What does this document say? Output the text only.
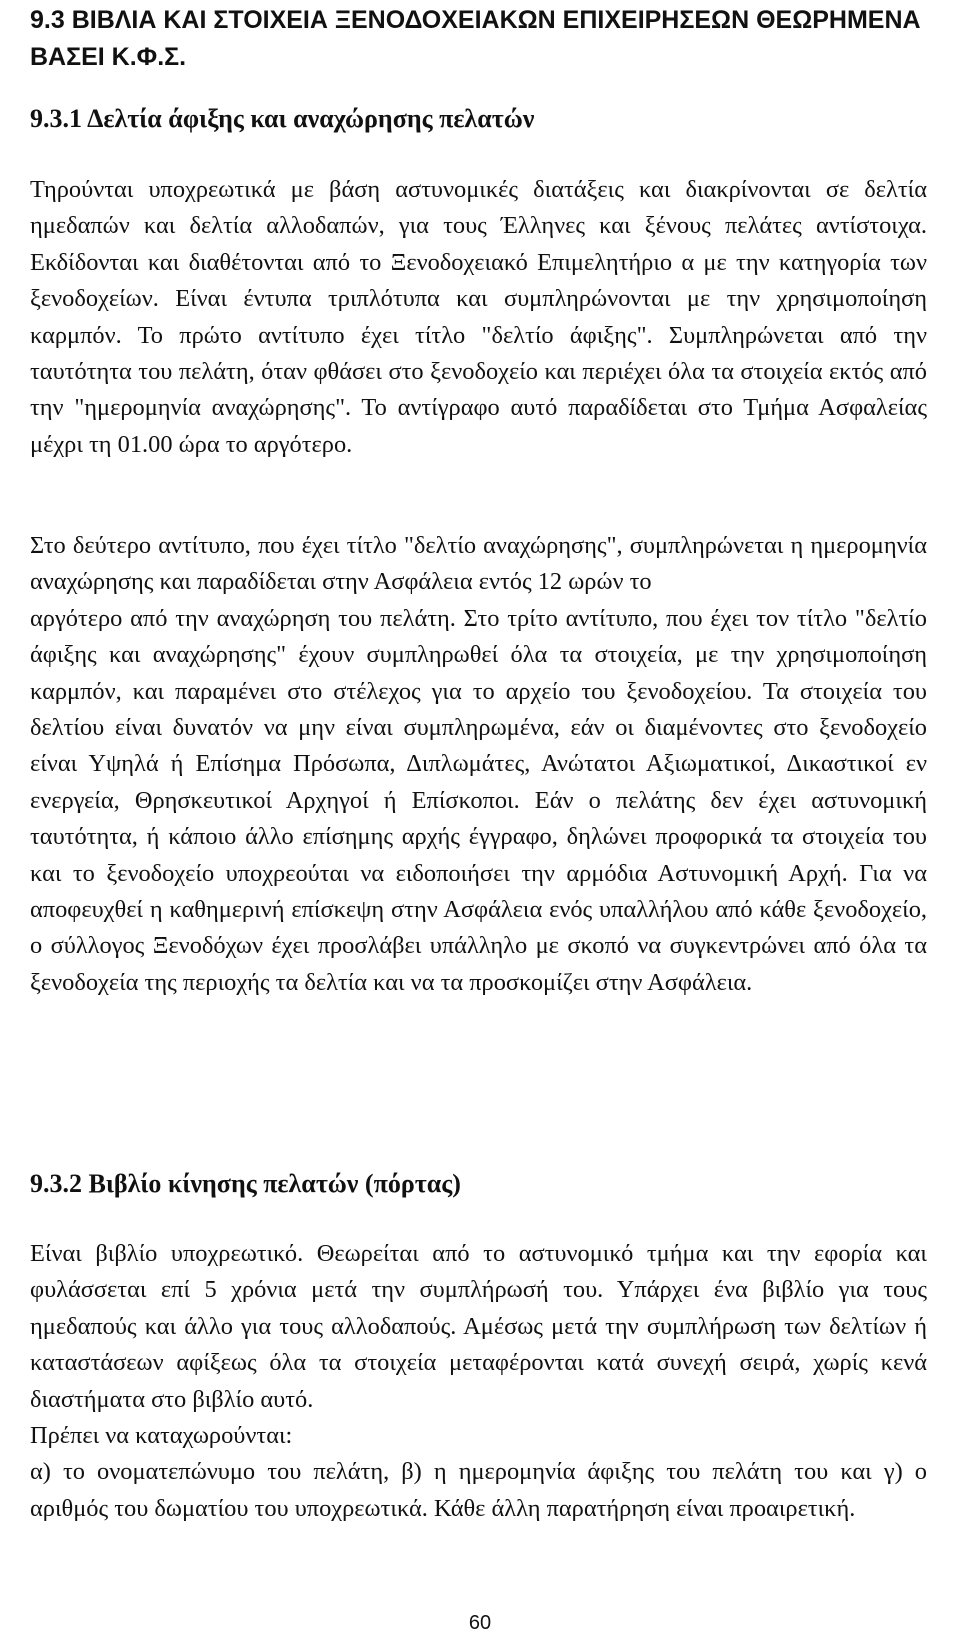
9.3 ΒΙΒΛΙΑ ΚΑΙ ΣΤΟΙΧΕΙΑ ΞΕΝΟΔΟΧΕΙΑΚΩΝ ΕΠΙΧΕΙΡΗΣΕΩΝ ΘΕΩΡΗΜΕΝΑ ΒΑΣΕΙ Κ.Φ.Σ.
9.3.1 Δελτία άφιξης και αναχώρησης πελατών

Τηρούνται υποχρεωτικά με βάση αστυνομικές διατάξεις και διακρίνονται σε δελτία ημεδαπών και δελτία αλλοδαπών, για τους Έλληνες και ξένους πελάτες αντίστοιχα. Εκδίδονται και διαθέτονται από το Ξενοδοχειακό Επιμελητήριο α με την κατηγορία των ξενοδοχείων. Είναι έντυπα τριπλότυπα και συμπληρώνονται με την χρησιμοποίηση καρμπόν. Το πρώτο αντίτυπο έχει τίτλο "δελτίο άφιξης". Συμπληρώνεται από την ταυτότητα του πελάτη, όταν φθάσει στο ξενοδοχείο και περιέχει όλα τα στοιχεία εκτός από την "ημερομηνία αναχώρησης". Το αντίγραφο αυτό παραδίδεται στο Τμήμα Ασφαλείας μέχρι τη 01.00 ώρα το αργότερο.

Στο δεύτερο αντίτυπο, που έχει τίτλο "δελτίο αναχώρησης", συμπληρώνεται η ημερομηνία αναχώρησης και παραδίδεται στην Ασφάλεια εντός 12 ωρών το
αργότερο από την αναχώρηση του πελάτη. Στο τρίτο αντίτυπο, που έχει τον τίτλο "δελτίο άφιξης και αναχώρησης" έχουν συμπληρωθεί όλα τα στοιχεία, με την χρησιμοποίηση καρμπόν, και παραμένει στο στέλεχος για το αρχείο του ξενοδοχείου. Τα στοιχεία του δελτίου είναι δυνατόν να μην είναι συμπληρωμένα, εάν οι διαμένοντες στο ξενοδοχείο είναι Υψηλά ή Επίσημα Πρόσωπα, Διπλωμάτες, Ανώτατοι Αξιωματικοί, Δικαστικοί εν ενεργεία, Θρησκευτικοί Αρχηγοί ή Επίσκοποι. Εάν ο πελάτης δεν έχει αστυνομική ταυτότητα, ή κάποιο άλλο επίσημης αρχής έγγραφο, δηλώνει προφορικά τα στοιχεία του και το ξενοδοχείο υποχρεούται να ειδοποιήσει την αρμόδια Αστυνομική Αρχή. Για να αποφευχθεί η καθημερινή επίσκεψη στην Ασφάλεια ενός υπαλλήλου από κάθε ξενοδοχείο, ο σύλλογος Ξενοδόχων έχει προσλάβει υπάλληλο με σκοπό να συγκεντρώνει από όλα τα ξενοδοχεία της περιοχής τα δελτία και να τα προσκομίζει στην Ασφάλεια.
9.3.2 Βιβλίο κίνησης πελατών (πόρτας)
Είναι βιβλίο υποχρεωτικό. Θεωρείται από το αστυνομικό τμήμα και την εφορία και φυλάσσεται επί 5 χρόνια μετά την συμπλήρωσή του. Υπάρχει ένα βιβλίο για τους ημεδαπούς και άλλο για τους αλλοδαπούς. Αμέσως μετά την συμπλήρωση των δελτίων ή καταστάσεων αφίξεως όλα τα στοιχεία μεταφέρονται κατά συνεχή σειρά, χωρίς κενά διαστήματα στο βιβλίο αυτό.
Πρέπει να καταχωρούνται:
α) το ονοματεπώνυμο του πελάτη, β) η ημερομηνία άφιξης του πελάτη του και γ) ο αριθμός του δωματίου του υποχρεωτικά. Κάθε άλλη παρατήρηση είναι προαιρετική.

60
